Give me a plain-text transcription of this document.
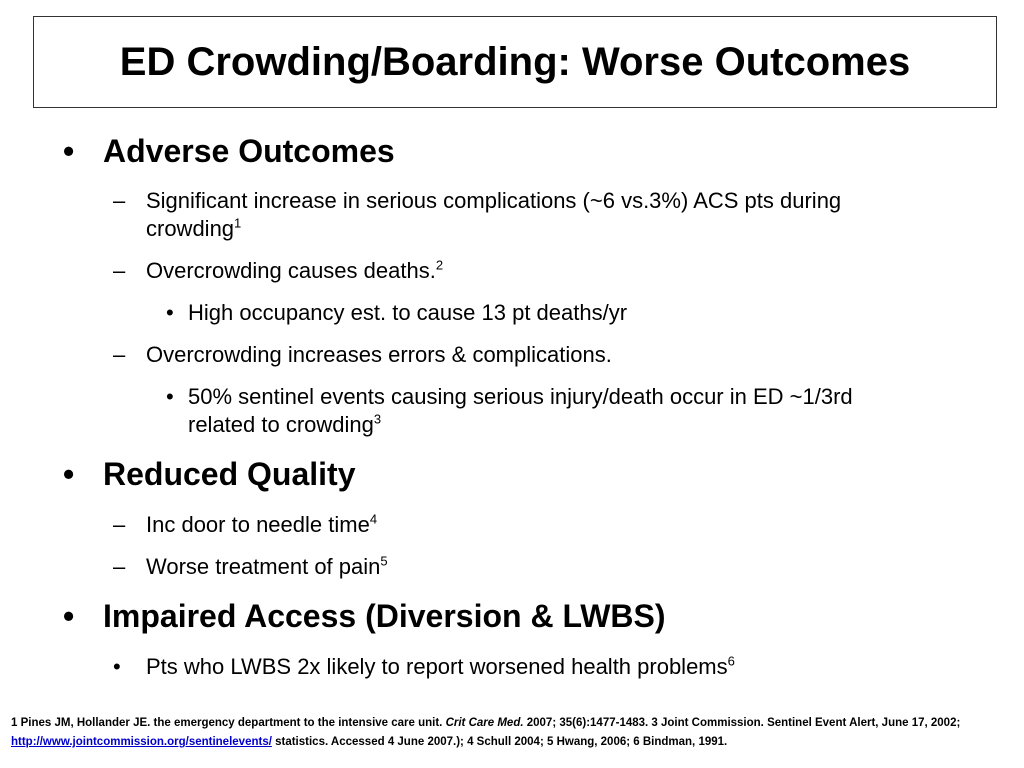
ED Crowding/Boarding: Worse Outcomes
• Adverse Outcomes
– Significant increase in serious complications (~6 vs.3%) ACS pts during
crowding$^1$
– Overcrowding causes deaths.$^2$
• High occupancy est. to cause 13 pt deaths/yr
– Overcrowding increases errors & complications.
• 50% sentinel events causing serious injury/death occur in ED ~1/3rd
related to crowding$^3$
• Reduced Quality
– Inc door to needle time$^4$
– Worse treatment of pain$^5$
• Impaired Access (Diversion & LWBS)
•	Pts who LWBS 2x likely to report worsened health problems$^6$
1 Pines JM, Hollander JE. the emergency department to the intensive care unit. Crit Care Med. 2007; 35(6):1477-1483. 3 Joint Commission. Sentinel Event Alert, June 17, 2002; http://www.jointcommission.org/sentinelevents/ statistics. Accessed 4 June 2007.); 4 Schull 2004; 5 Hwang, 2006; 6 Bindman, 1991.
